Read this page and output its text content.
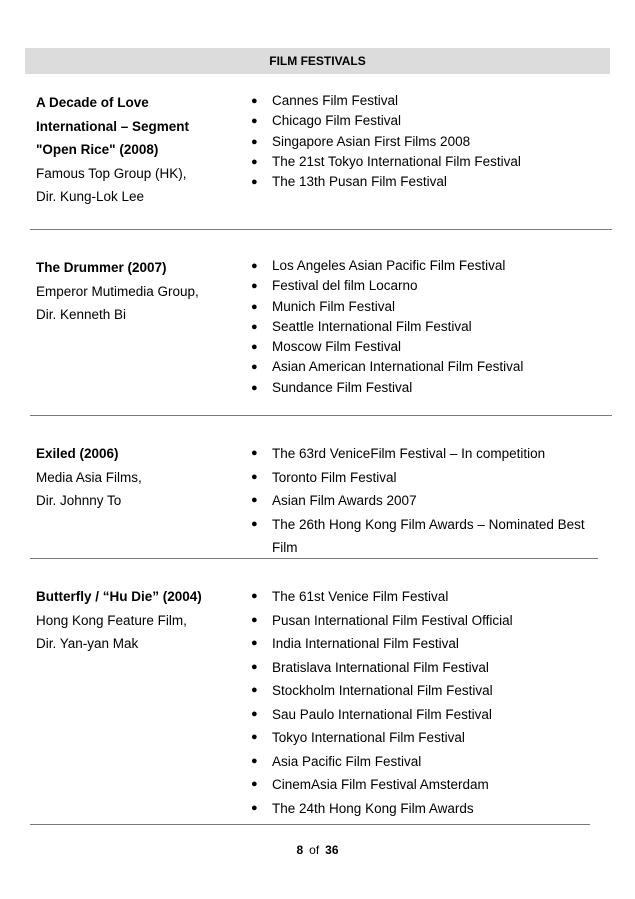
FILM FESTIVALS
A Decade of Love
International – Segment
"Open Rice" (2008)
Famous Top Group (HK),
Dir. Kung-Lok Lee
● Cannes Film Festival
● Chicago Film Festival
● Singapore Asian First Films 2008
● The 21st Tokyo International Film Festival
● The 13th Pusan Film Festival
The Drummer (2007)
Emperor Mutimedia Group,
Dir. Kenneth Bi
● Los Angeles Asian Pacific Film Festival
● Festival del film Locarno
● Munich Film Festival
● Seattle International Film Festival
● Moscow Film Festival
● Asian American International Film Festival
● Sundance Film Festival
Exiled (2006)
Media Asia Films,
Dir. Johnny To
● The 63rd VeniceFilm Festival – In competition
● Toronto Film Festival
● Asian Film Awards 2007
● The 26th Hong Kong Film Awards – Nominated Best Film
Butterfly / “Hu Die” (2004)
Hong Kong Feature Film,
Dir. Yan-yan Mak
● The 61st Venice Film Festival
● Pusan International Film Festival Official
● India International Film Festival
● Bratislava International Film Festival
● Stockholm International Film Festival
● Sau Paulo International Film Festival
● Tokyo International Film Festival
● Asia Pacific Film Festival
● CinemAsia Film Festival Amsterdam
● The 24th Hong Kong Film Awards
8 of 36
